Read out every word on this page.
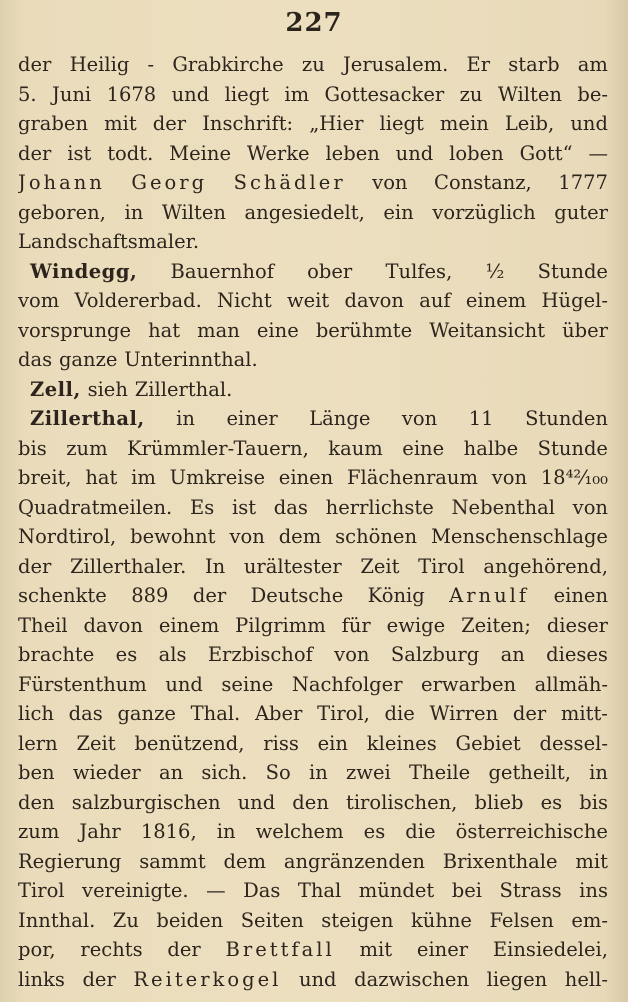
227
der Heilig - Grabkirche zu Jerusalem. Er starb am
5. Juni 1678 und liegt im Gottesacker zu Wilten be-
graben mit der Inschrift: „Hier liegt mein Leib, und
der ist todt. Meine Werke leben und loben Gott“ —
Johann Georg Schädler von Constanz, 1777
geboren, in Wilten angesiedelt, ein vorzüglich guter
Landschaftsmaler.
Windegg, Bauernhof ober Tulfes, ½ Stunde
vom Voldererbad. Nicht weit davon auf einem Hügel-
vorsprunge hat man eine berühmte Weitansicht über
das ganze Unterinnthal.
Zell, sieh Zillerthal.
Zillerthal, in einer Länge von 11 Stunden
bis zum Krümmler-Tauern, kaum eine halbe Stunde
breit, hat im Umkreise einen Flächenraum von 18⁴²⁄₁₀₀
Quadratmeilen. Es ist das herrlichste Nebenthal von
Nordtirol, bewohnt von dem schönen Menschenschlage
der Zillerthaler. In urältester Zeit Tirol angehörend,
schenkte 889 der Deutsche König Arnulf einen
Theil davon einem Pilgrimm für ewige Zeiten; dieser
brachte es als Erzbischof von Salzburg an dieses
Fürstenthum und seine Nachfolger erwarben allmäh-
lich das ganze Thal. Aber Tirol, die Wirren der mitt-
lern Zeit benützend, riss ein kleines Gebiet dessel-
ben wieder an sich. So in zwei Theile getheilt, in
den salzburgischen und den tirolischen, blieb es bis
zum Jahr 1816, in welchem es die österreichische
Regierung sammt dem angränzenden Brixenthale mit
Tirol vereinigte. — Das Thal mündet bei Strass ins
Innthal. Zu beiden Seiten steigen kühne Felsen em-
por, rechts der Brettfall mit einer Einsiedelei,
links der Reiterkogel und dazwischen liegen hell-
